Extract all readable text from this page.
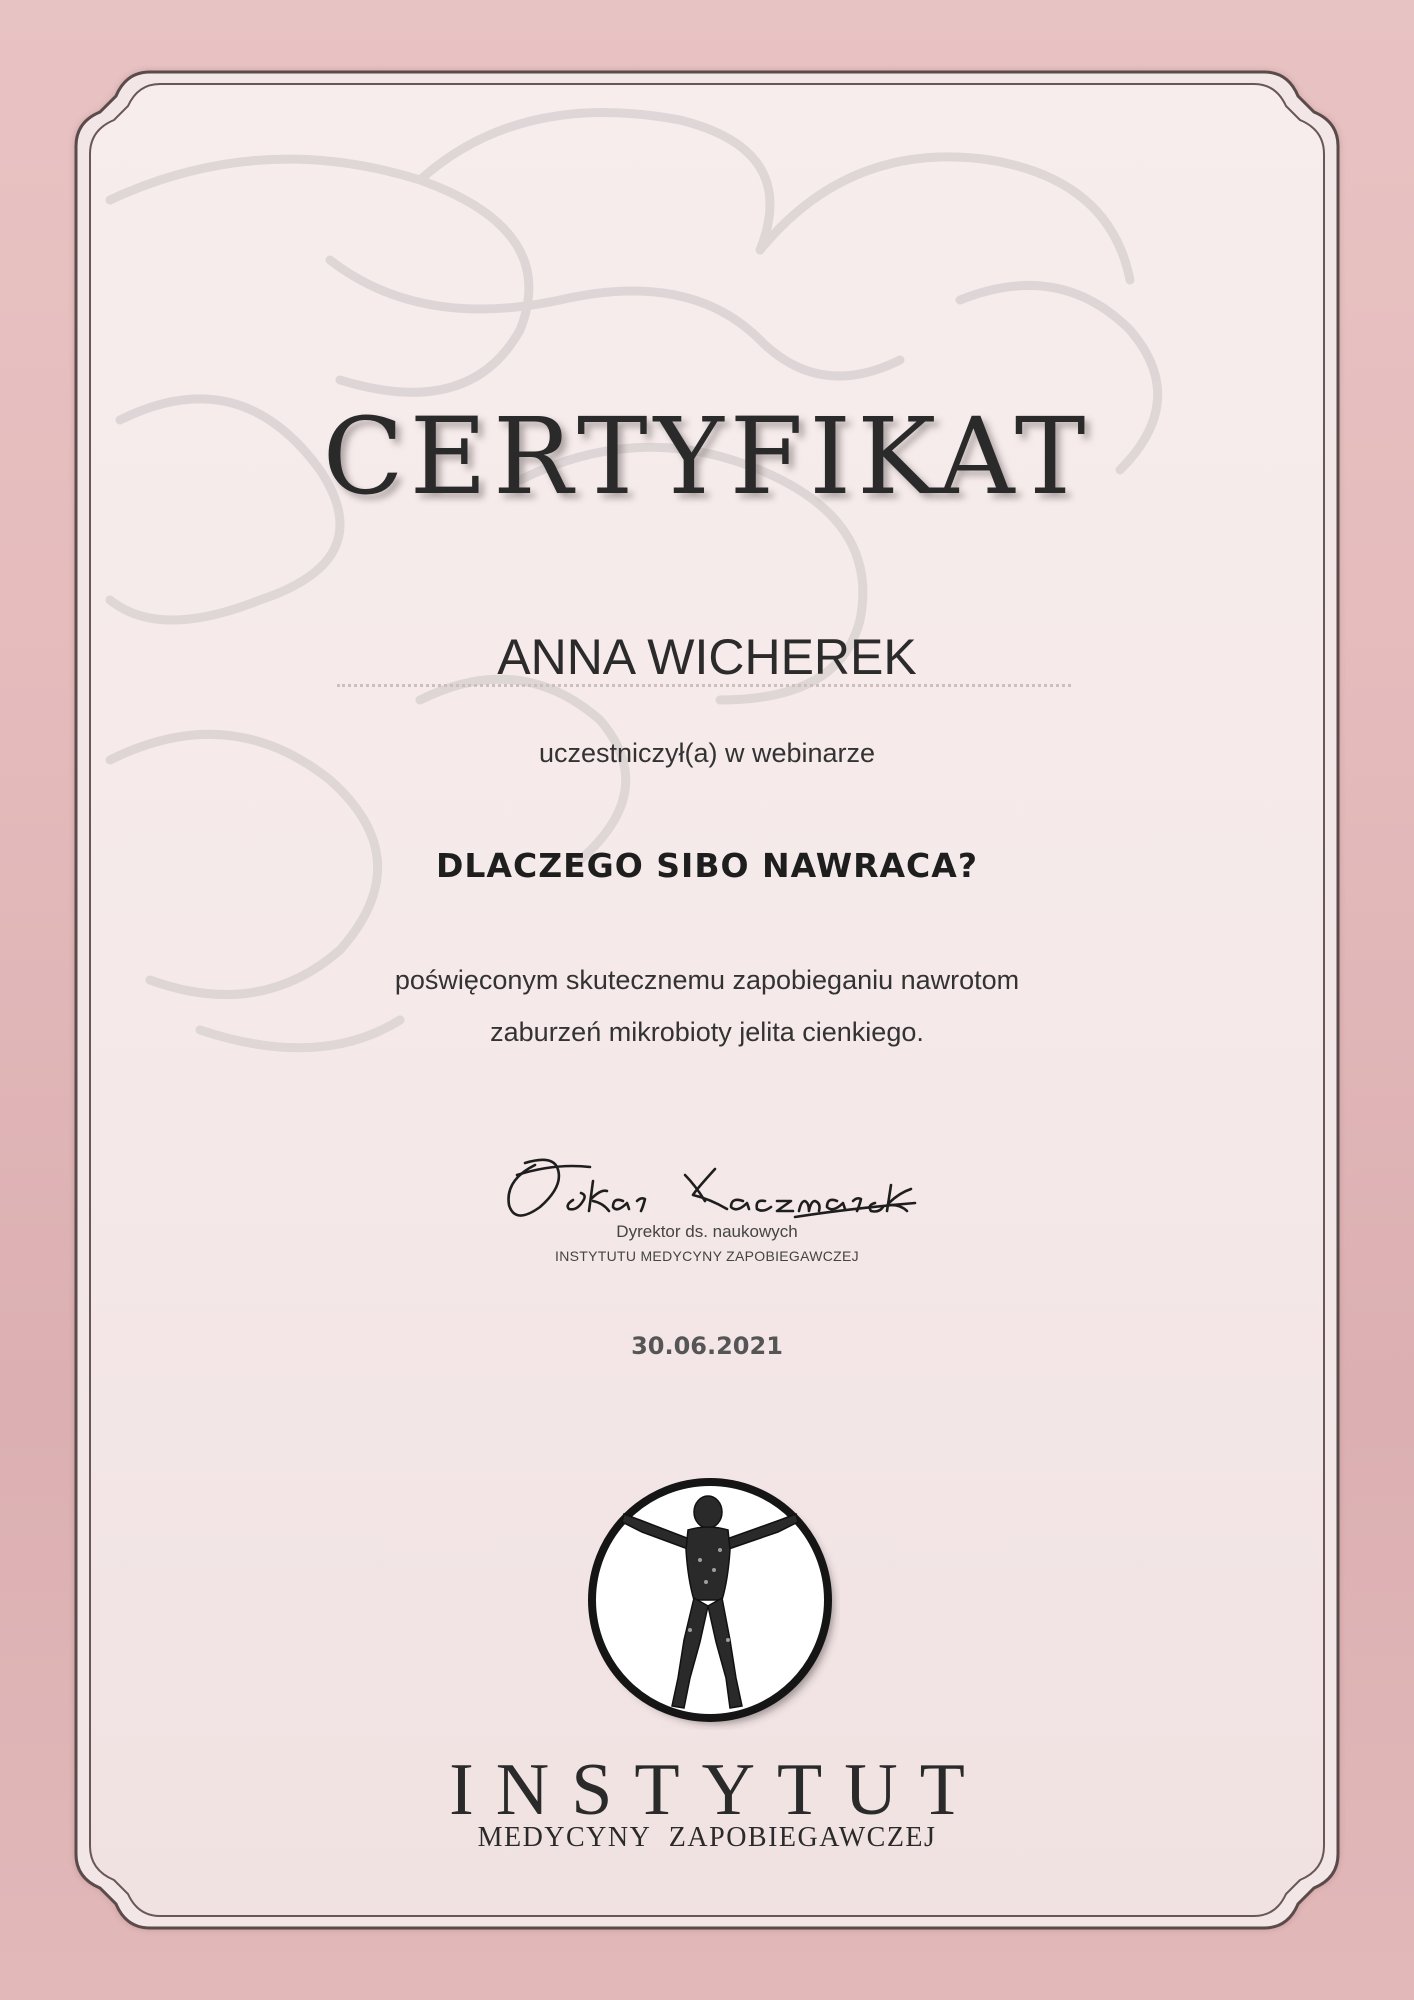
CERTYFIKAT
ANNA WICHEREK
uczestniczył(a) w webinarze
DLACZEGO SIBO NAWRACA?
poświęconym skutecznemu zapobieganiu nawrotom
zaburzeń mikrobioty jelita cienkiego.
Dyrektor ds. naukowych
INSTYTUTU MEDYCYNY ZAPOBIEGAWCZEJ
30.06.2021
INSTYTUT
MEDYCYNY ZAPOBIEGAWCZEJ
